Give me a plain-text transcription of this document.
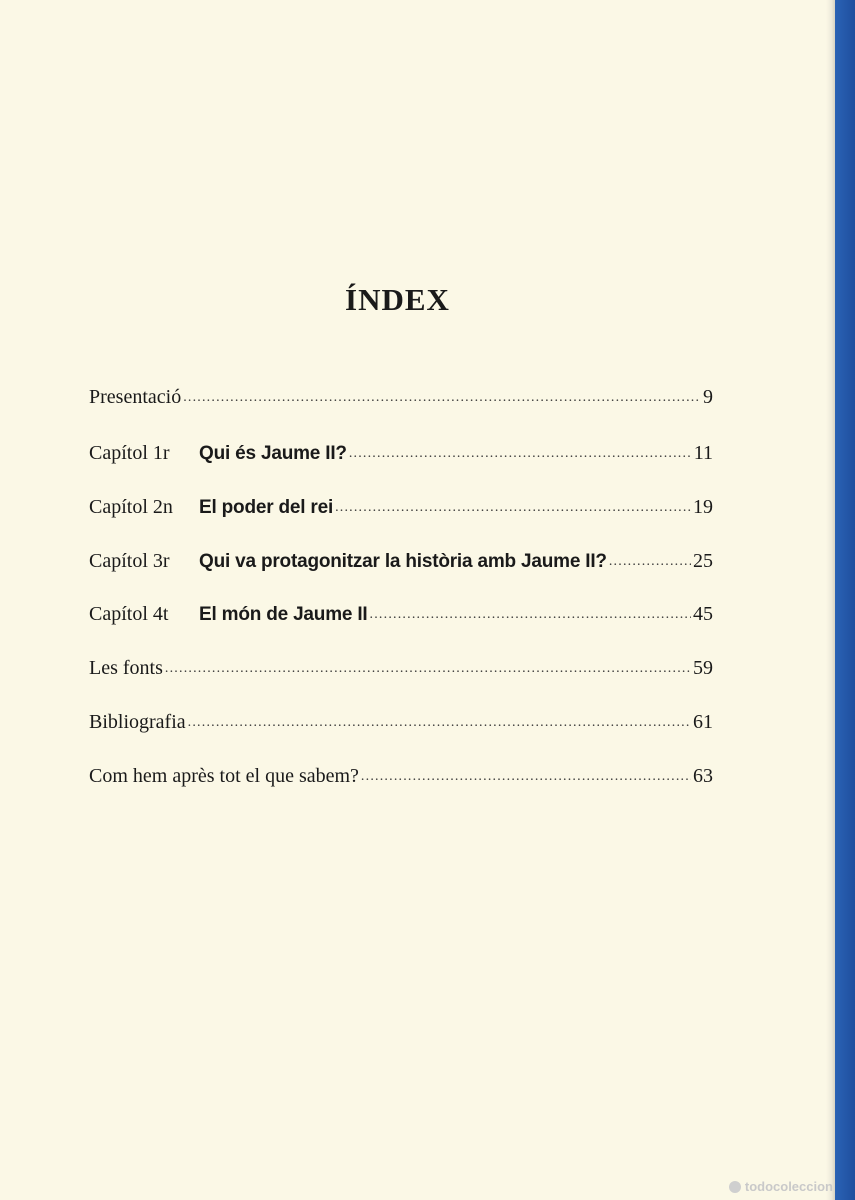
ÍNDEX
Presentació .....	9
Capítol 1r Qui és Jaume II? .....	11
Capítol 2n El poder del rei .....	19
Capítol 3r Qui va protagonitzar la història amb Jaume II? .....	25
Capítol 4t El món de Jaume II .....	45
Les fonts .....	59
Bibliografia .....	61
Com hem après tot el que sabem? .....	63
todocoleccion
